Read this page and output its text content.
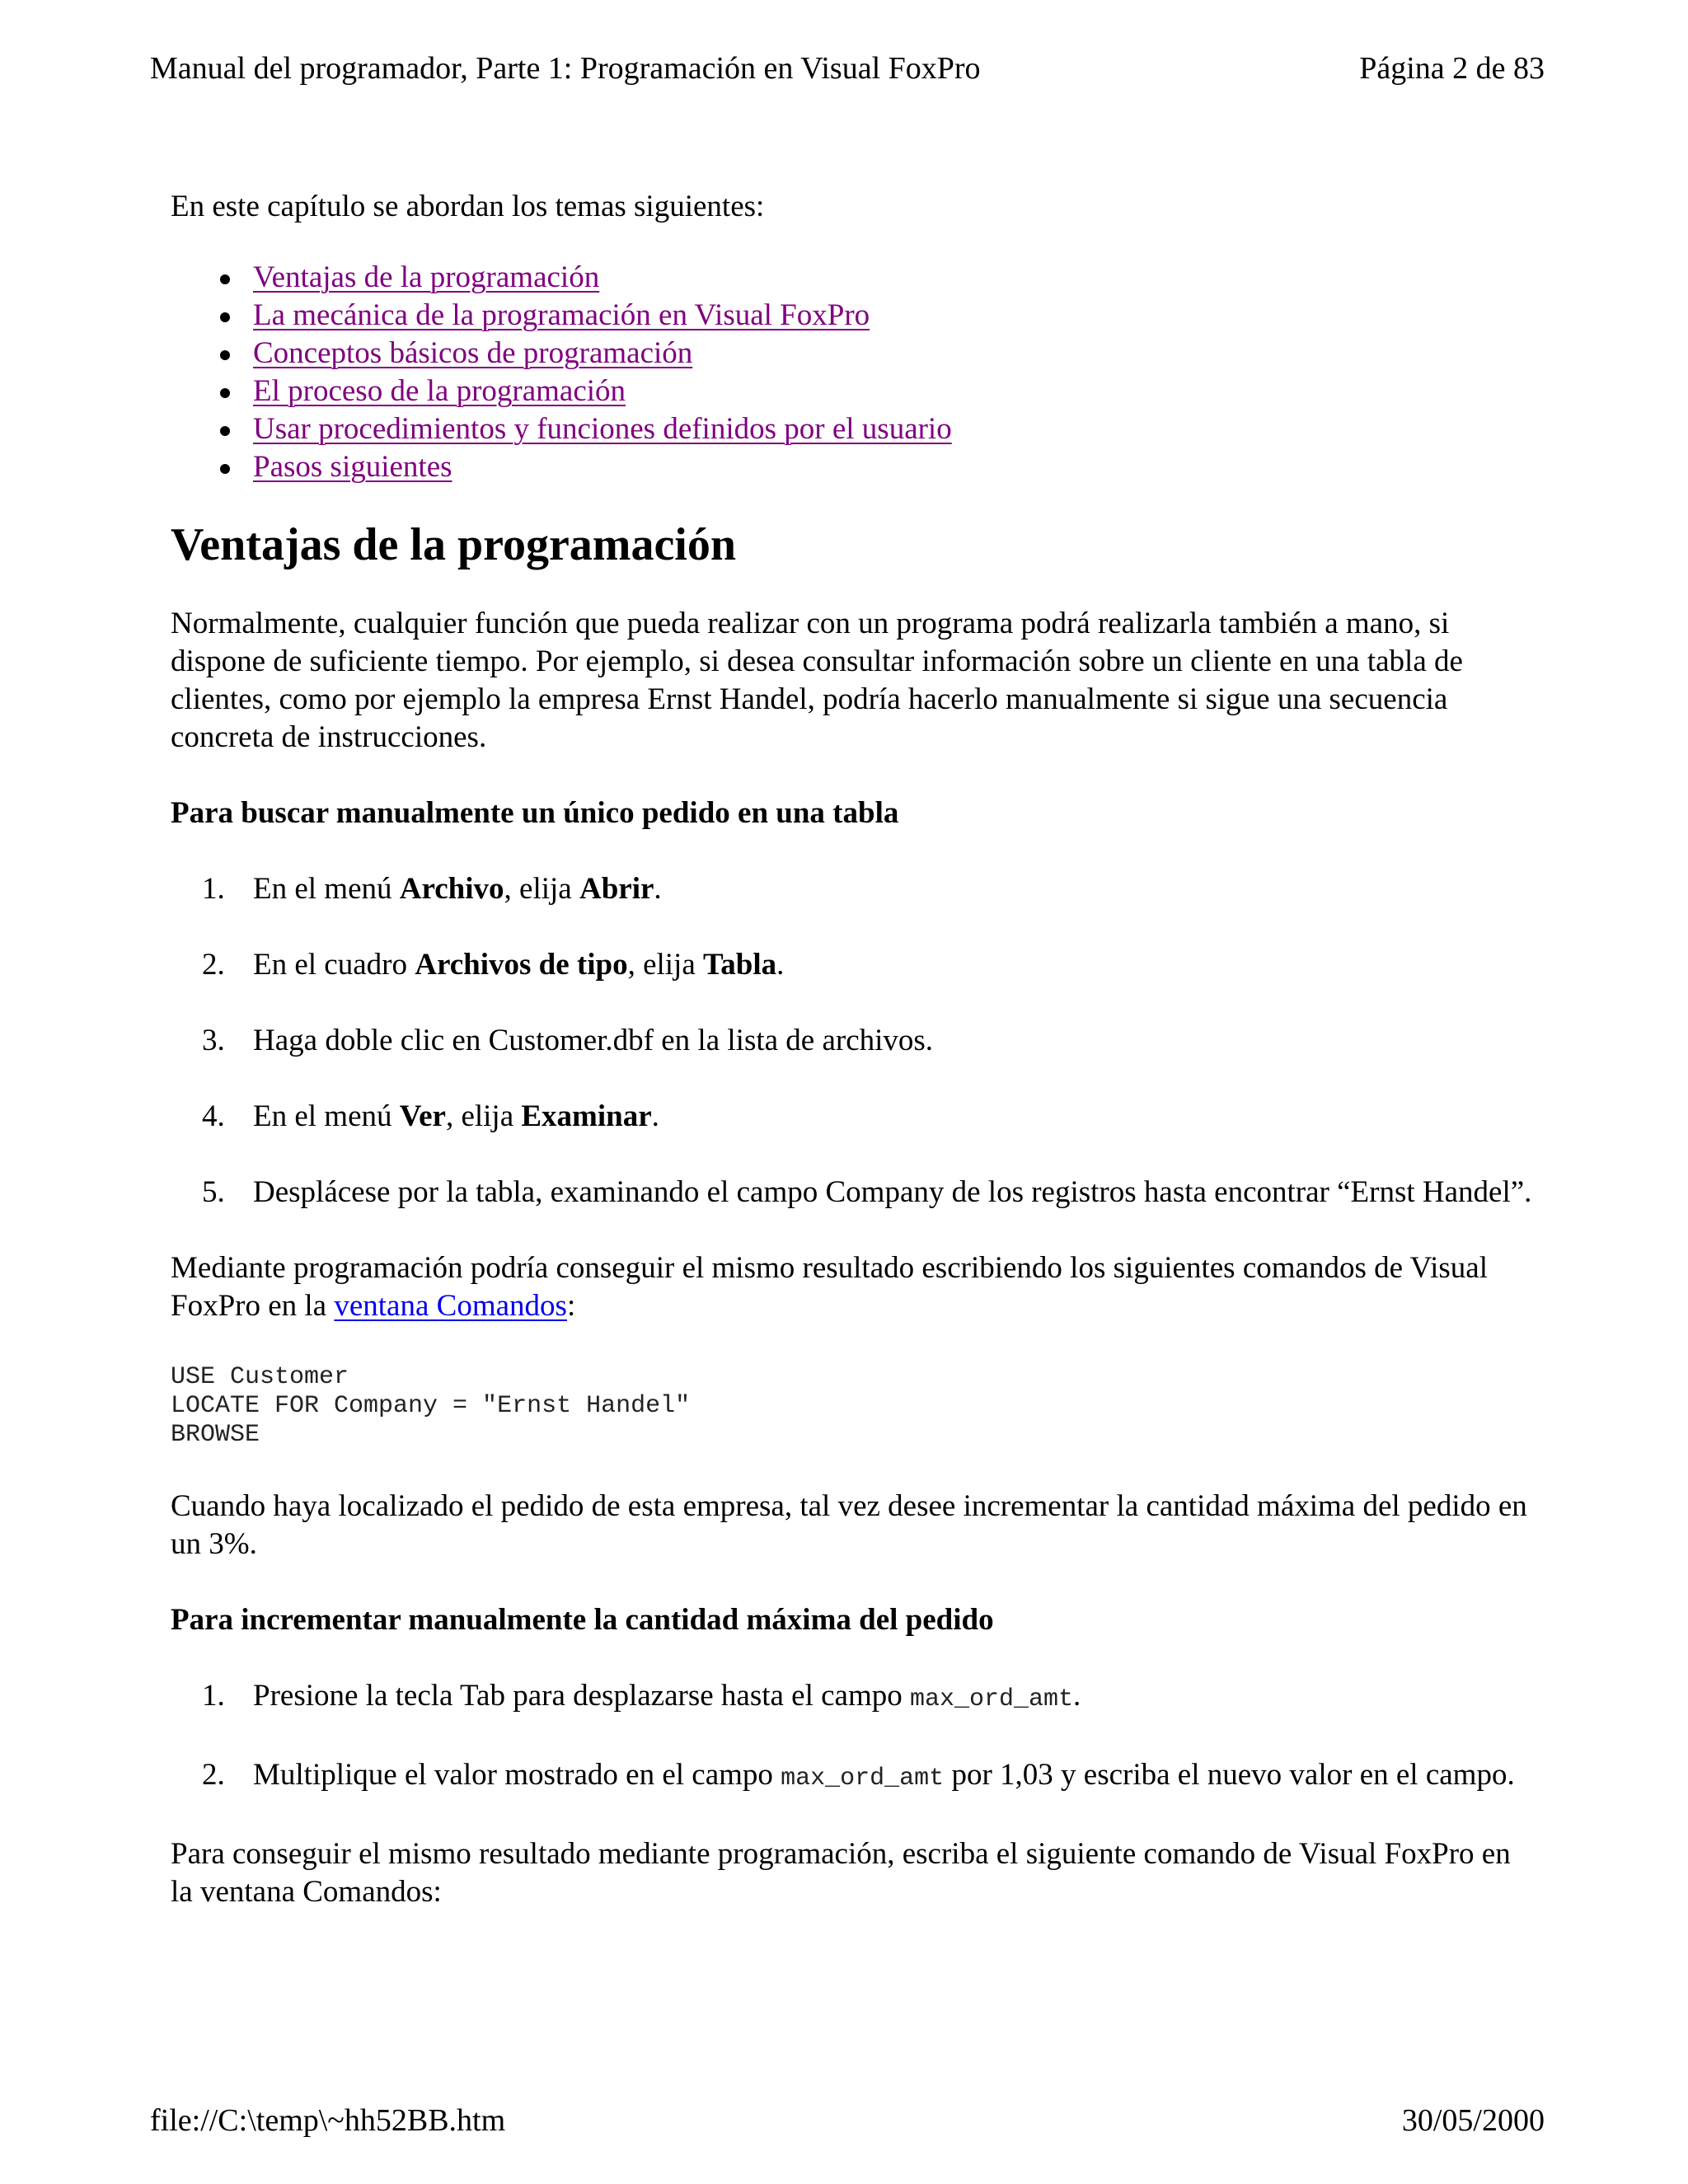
Manual del programador, Parte 1: Programación en Visual FoxPro	Página 2 de 83

En este capítulo se abordan los temas siguientes:

Ventajas de la programación
La mecánica de la programación en Visual FoxPro
Conceptos básicos de programación
El proceso de la programación
Usar procedimientos y funciones definidos por el usuario
Pasos siguientes
Ventajas de la programación

Normalmente, cualquier función que pueda realizar con un programa podrá realizarla también a mano, si dispone de suficiente tiempo. Por ejemplo, si desea consultar información sobre un cliente en una tabla de clientes, como por ejemplo la empresa Ernst Handel, podría hacerlo manualmente si sigue una secuencia concreta de instrucciones.

Para buscar manualmente un único pedido en una tabla

1. En el menú Archivo, elija Abrir.
2. En el cuadro Archivos de tipo, elija Tabla.
3. Haga doble clic en Customer.dbf en la lista de archivos.
4. En el menú Ver, elija Examinar.
5. Desplácese por la tabla, examinando el campo Company de los registros hasta encontrar “Ernst Handel”.

Mediante programación podría conseguir el mismo resultado escribiendo los siguientes comandos de Visual FoxPro en la ventana Comandos:

USE Customer
LOCATE FOR Company = "Ernst Handel"
BROWSE

Cuando haya localizado el pedido de esta empresa, tal vez desee incrementar la cantidad máxima del pedido en un 3%.

Para incrementar manualmente la cantidad máxima del pedido

1. Presione la tecla Tab para desplazarse hasta el campo max_ord_amt.
2. Multiplique el valor mostrado en el campo max_ord_amt por 1,03 y escriba el nuevo valor en el campo.

Para conseguir el mismo resultado mediante programación, escriba el siguiente comando de Visual FoxPro en la ventana Comandos:

file://C:\temp\~hh52BB.htm	30/05/2000
